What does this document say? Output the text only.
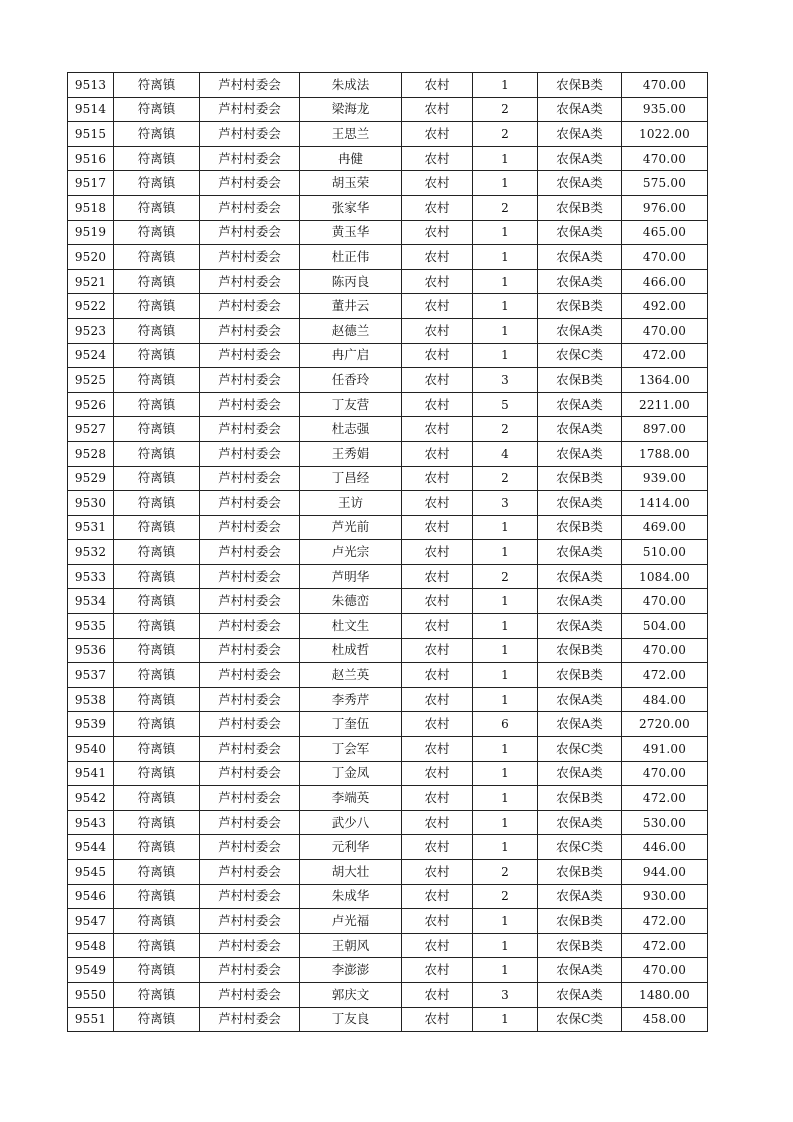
9513	符离镇	芦村村委会	朱成法	农村	1	农保B类	470.00
9514	符离镇	芦村村委会	梁海龙	农村	2	农保A类	935.00
9515	符离镇	芦村村委会	王思兰	农村	2	农保A类	1022.00
9516	符离镇	芦村村委会	冉健	农村	1	农保A类	470.00
9517	符离镇	芦村村委会	胡玉荣	农村	1	农保A类	575.00
9518	符离镇	芦村村委会	张家华	农村	2	农保B类	976.00
9519	符离镇	芦村村委会	黄玉华	农村	1	农保A类	465.00
9520	符离镇	芦村村委会	杜正伟	农村	1	农保A类	470.00
9521	符离镇	芦村村委会	陈丙良	农村	1	农保A类	466.00
9522	符离镇	芦村村委会	董井云	农村	1	农保B类	492.00
9523	符离镇	芦村村委会	赵德兰	农村	1	农保A类	470.00
9524	符离镇	芦村村委会	冉广启	农村	1	农保C类	472.00
9525	符离镇	芦村村委会	任香玲	农村	3	农保B类	1364.00
9526	符离镇	芦村村委会	丁友营	农村	5	农保A类	2211.00
9527	符离镇	芦村村委会	杜志强	农村	2	农保A类	897.00
9528	符离镇	芦村村委会	王秀娟	农村	4	农保A类	1788.00
9529	符离镇	芦村村委会	丁昌经	农村	2	农保B类	939.00
9530	符离镇	芦村村委会	王访	农村	3	农保A类	1414.00
9531	符离镇	芦村村委会	芦光前	农村	1	农保B类	469.00
9532	符离镇	芦村村委会	卢光宗	农村	1	农保A类	510.00
9533	符离镇	芦村村委会	芦明华	农村	2	农保A类	1084.00
9534	符离镇	芦村村委会	朱德峦	农村	1	农保A类	470.00
9535	符离镇	芦村村委会	杜文生	农村	1	农保A类	504.00
9536	符离镇	芦村村委会	杜成哲	农村	1	农保B类	470.00
9537	符离镇	芦村村委会	赵兰英	农村	1	农保B类	472.00
9538	符离镇	芦村村委会	李秀芹	农村	1	农保A类	484.00
9539	符离镇	芦村村委会	丁奎伍	农村	6	农保A类	2720.00
9540	符离镇	芦村村委会	丁会军	农村	1	农保C类	491.00
9541	符离镇	芦村村委会	丁金凤	农村	1	农保A类	470.00
9542	符离镇	芦村村委会	李端英	农村	1	农保B类	472.00
9543	符离镇	芦村村委会	武少八	农村	1	农保A类	530.00
9544	符离镇	芦村村委会	元利华	农村	1	农保C类	446.00
9545	符离镇	芦村村委会	胡大壮	农村	2	农保B类	944.00
9546	符离镇	芦村村委会	朱成华	农村	2	农保A类	930.00
9547	符离镇	芦村村委会	卢光福	农村	1	农保B类	472.00
9548	符离镇	芦村村委会	王朝风	农村	1	农保B类	472.00
9549	符离镇	芦村村委会	李澎澎	农村	1	农保A类	470.00
9550	符离镇	芦村村委会	郭庆文	农村	3	农保A类	1480.00
9551	符离镇	芦村村委会	丁友良	农村	1	农保C类	458.00
